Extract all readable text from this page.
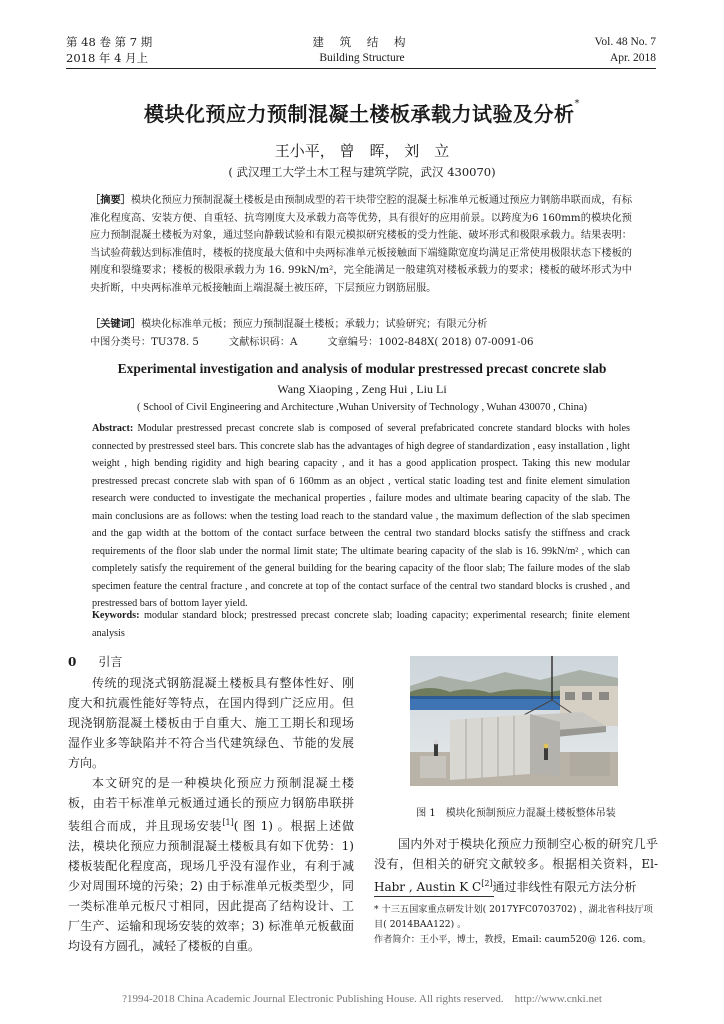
第 48 卷 第 7 期
2018 年 4 月上
建 筑 结 构
Building Structure
Vol. 48 No. 7
Apr. 2018
模块化预应力预制混凝土楼板承载力试验及分析*
王小平， 曾　晖， 刘　立
( 武汉理工大学土木工程与建筑学院，武汉 430070)
［摘要］模块化预应力预制混凝土楼板是由预制成型的若干块带空腔的混凝土标准单元板通过预应力钢筋串联而成，有标准化程度高、安装方便、自重轻、抗弯刚度大及承载力高等优势，具有很好的应用前景。以跨度为6 160mm的模块化预应力预制混凝土楼板为对象，通过竖向静载试验和有限元模拟研究楼板的受力性能、破坏形式和极限承载力。结果表明：当试验荷载达到标准值时，楼板的挠度最大值和中央两标准单元板接触面下端缝隙宽度均满足正常使用极限状态下楼板的刚度和裂缝要求；楼板的极限承载力为 16. 99kN/m²，完全能满足一般建筑对楼板承载力的要求；楼板的破坏形式为中央折断，中央两标准单元板接触面上端混凝土被压碎，下层预应力钢筋屈服。
［关键词］模块化标准单元板；预应力预制混凝土楼板；承载力；试验研究；有限元分析
中图分类号：TU378. 5	文献标识码：A	文章编号：1002-848X( 2018) 07-0091-06
Experimental investigation and analysis of modular prestressed precast concrete slab
Wang Xiaoping , Zeng Hui , Liu Li
( School of Civil Engineering and Architecture ,Wuhan University of Technology , Wuhan 430070 , China)
Abstract: Modular prestressed precast concrete slab is composed of several prefabricated concrete standard blocks with holes connected by prestressed steel bars. This concrete slab has the advantages of high degree of standardization , easy installation , light weight , high bending rigidity and high bearing capacity , and it has a good application prospect. Taking this new modular prestressed precast concrete slab with span of 6 160mm as an object , vertical static loading test and finite element simulation research were conducted to investigate the mechanical properties , failure modes and ultimate bearing capacity of the slab. The main conclusions are as follows: when the testing load reach to the standard value , the maximum deflection of the slab specimen and the gap width at the bottom of the contact surface between the central two standard blocks satisfy the stiffness and crack requirements of the floor slab under the normal limit state; The ultimate bearing capacity of the slab is 16. 99kN/m² , which can completely satisfy the requirement of the general building for the bearing capacity of the floor slab; The failure modes of the slab specimen feature the central fracture , and concrete at top of the contact surface of the central two standard blocks is crushed , and prestressed bars of bottom layer yield.
Keywords: modular standard block; prestressed precast concrete slab; loading capacity; experimental research; finite element analysis
0 引言
传统的现浇式钢筋混凝土楼板具有整体性好、刚度大和抗震性能好等特点，在国内得到广泛应用。但现浇钢筋混凝土楼板由于自重大、施工工期长和现场湿作业多等缺陷并不符合当代建筑绿色、节能的发展方向。
本文研究的是一种模块化预应力预制混凝土楼板，由若干标准单元板通过通长的预应力钢筋串联拼装组合而成，并且现场安装[1]( 图 1) 。根据上述做法，模块化预应力预制混凝土楼板具有如下优势：1) 楼板装配化程度高，现场几乎没有湿作业，有利于减少对周围环境的污染；2) 由于标准单元板类型少，同一类标准单元板尺寸相同，因此提高了结构设计、工厂生产、运输和现场安装的效率；3) 标准单元板截面均设有方圆孔，减轻了楼板的自重。
图 1　模块化预制预应力混凝土楼板整体吊装
国内外对于模块化预应力预制空心板的研究几乎没有，但相关的研究文献较多。根据相关资料，El-Habr , Austin K C[2]通过非线性有限元方法分析
* 十三五国家重点研发计划( 2017YFC0703702) ，湖北省科技厅项目( 2014BAA122) 。
作者简介：王小平，博士，教授，Email: caum520@ 126. com。
?1994-2018 China Academic Journal Electronic Publishing House. All rights reserved.　http://www.cnki.net
